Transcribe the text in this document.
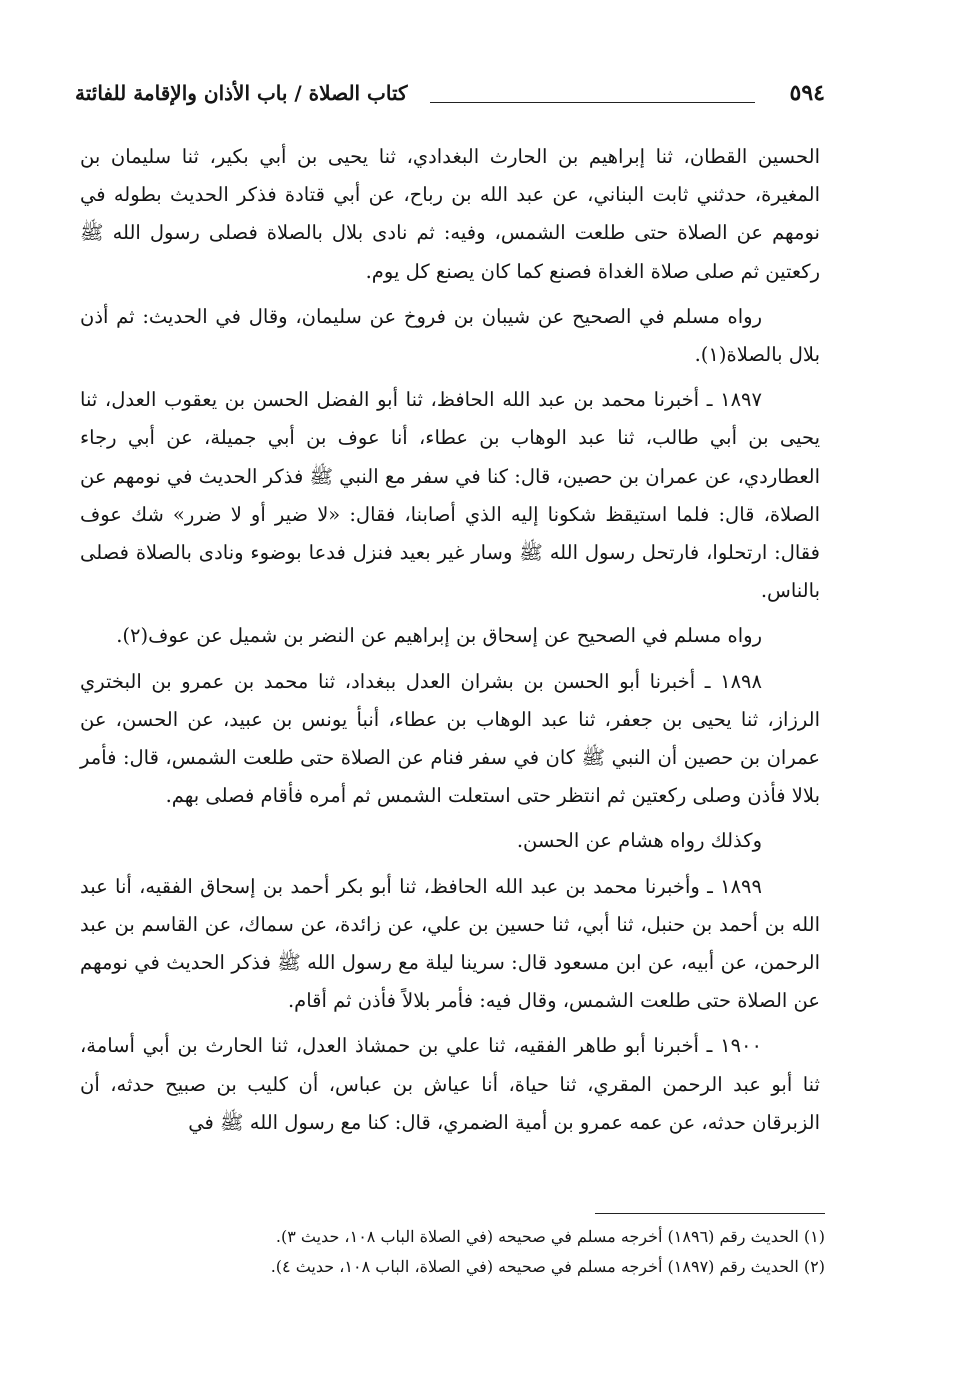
٥٩٤
كتاب الصلاة / باب الأذان والإقامة للفائتة

الحسين القطان، ثنا إبراهيم بن الحارث البغدادي، ثنا يحيى بن أبي بكير، ثنا سليمان بن المغيرة، حدثني ثابت البناني، عن عبد الله بن رباح، عن أبي قتادة فذكر الحديث بطوله في نومهم عن الصلاة حتى طلعت الشمس، وفيه: ثم نادى بلال بالصلاة فصلى رسول الله ﷺ ركعتين ثم صلى صلاة الغداة فصنع كما كان يصنع كل يوم.

رواه مسلم في الصحيح عن شيبان بن فروخ عن سليمان، وقال في الحديث: ثم أذن بلال بالصلاة(١).

١٨٩٧ ـ أخبرنا محمد بن عبد الله الحافظ، ثنا أبو الفضل الحسن بن يعقوب العدل، ثنا يحيى بن أبي طالب، ثنا عبد الوهاب بن عطاء، أنا عوف بن أبي جميلة، عن أبي رجاء العطاردي، عن عمران بن حصين، قال: كنا في سفر مع النبي ﷺ فذكر الحديث في نومهم عن الصلاة، قال: فلما استيقظ شكونا إليه الذي أصابنا، فقال: «لا ضير أو لا ضرر» شك عوف فقال: ارتحلوا، فارتحل رسول الله ﷺ وسار غير بعيد فنزل فدعا بوضوء ونادى بالصلاة فصلى بالناس.

رواه مسلم في الصحيح عن إسحاق بن إبراهيم عن النضر بن شميل عن عوف(٢).

١٨٩٨ ـ أخبرنا أبو الحسن بن بشران العدل ببغداد، ثنا محمد بن عمرو بن البختري الرزاز، ثنا يحيى بن جعفر، ثنا عبد الوهاب بن عطاء، أنبأ يونس بن عبيد، عن الحسن، عن عمران بن حصين أن النبي ﷺ كان في سفر فنام عن الصلاة حتى طلعت الشمس، قال: فأمر بلالا فأذن وصلى ركعتين ثم انتظر حتى استعلت الشمس ثم أمره فأقام فصلى بهم.

وكذلك رواه هشام عن الحسن.

١٨٩٩ ـ وأخبرنا محمد بن عبد الله الحافظ، ثنا أبو بكر أحمد بن إسحاق الفقيه، أنا عبد الله بن أحمد بن حنبل، ثنا أبي، ثنا حسين بن علي، عن زائدة، عن سماك، عن القاسم بن عبد الرحمن، عن أبيه، عن ابن مسعود قال: سرينا ليلة مع رسول الله ﷺ فذكر الحديث في نومهم عن الصلاة حتى طلعت الشمس، وقال فيه: فأمر بلالاً فأذن ثم أقام.

١٩٠٠ ـ أخبرنا أبو طاهر الفقيه، ثنا علي بن حمشاذ العدل، ثنا الحارث بن أبي أسامة، ثنا أبو عبد الرحمن المقري، ثنا حياة، أنا عياش بن عباس، أن كليب بن صبيح حدثه، أن الزبرقان حدثه، عن عمه عمرو بن أمية الضمري، قال: كنا مع رسول الله ﷺ في

(١) الحديث رقم (١٨٩٦) أخرجه مسلم في صحيحه (في الصلاة الباب ١٠٨، حديث ٣).

(٢) الحديث رقم (١٨٩٧) أخرجه مسلم في صحيحه (في الصلاة، الباب ١٠٨، حديث ٤).
